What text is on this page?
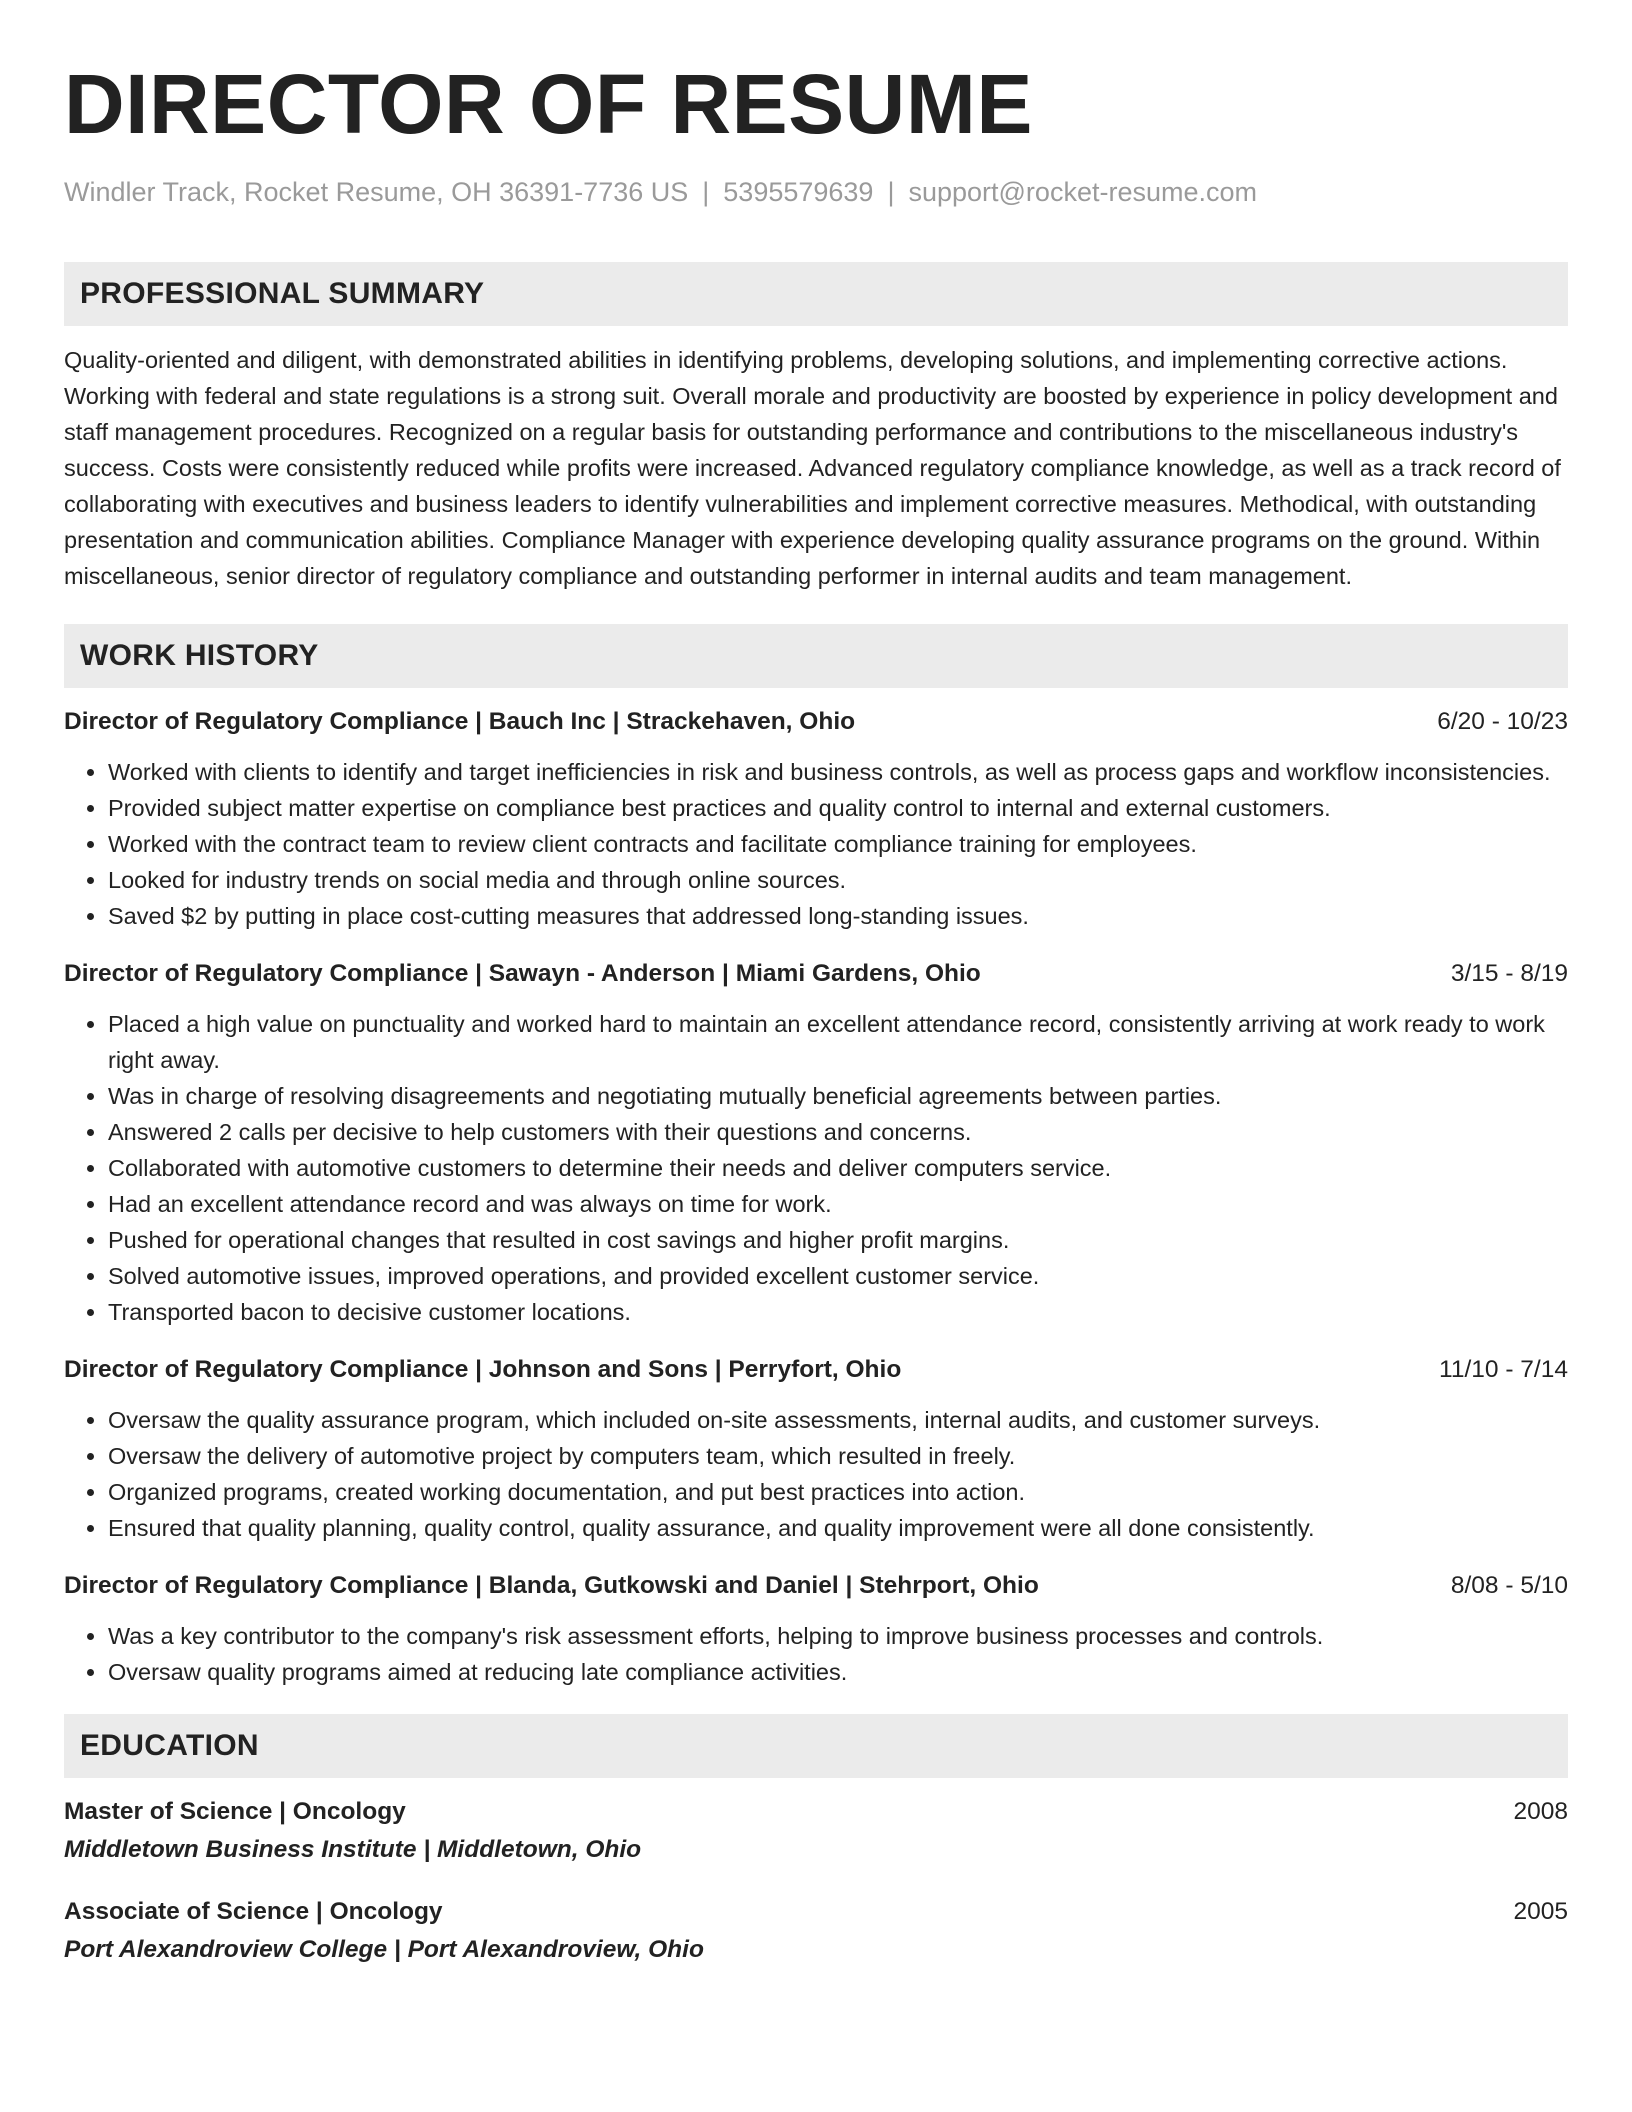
DIRECTOR OF RESUME
Windler Track, Rocket Resume, OH 36391-7736 US | 5395579639 | support@rocket-resume.com
PROFESSIONAL SUMMARY
Quality-oriented and diligent, with demonstrated abilities in identifying problems, developing solutions, and implementing corrective actions. Working with federal and state regulations is a strong suit. Overall morale and productivity are boosted by experience in policy development and staff management procedures. Recognized on a regular basis for outstanding performance and contributions to the miscellaneous industry's success. Costs were consistently reduced while profits were increased. Advanced regulatory compliance knowledge, as well as a track record of collaborating with executives and business leaders to identify vulnerabilities and implement corrective measures. Methodical, with outstanding presentation and communication abilities. Compliance Manager with experience developing quality assurance programs on the ground. Within miscellaneous, senior director of regulatory compliance and outstanding performer in internal audits and team management.
WORK HISTORY
Director of Regulatory Compliance | Bauch Inc | Strackehaven, Ohio	6/20 - 10/23
• Worked with clients to identify and target inefficiencies in risk and business controls, as well as process gaps and workflow inconsistencies.
• Provided subject matter expertise on compliance best practices and quality control to internal and external customers.
• Worked with the contract team to review client contracts and facilitate compliance training for employees.
• Looked for industry trends on social media and through online sources.
• Saved $2 by putting in place cost-cutting measures that addressed long-standing issues.
Director of Regulatory Compliance | Sawayn - Anderson | Miami Gardens, Ohio	3/15 - 8/19
• Placed a high value on punctuality and worked hard to maintain an excellent attendance record, consistently arriving at work ready to work right away.
• Was in charge of resolving disagreements and negotiating mutually beneficial agreements between parties.
• Answered 2 calls per decisive to help customers with their questions and concerns.
• Collaborated with automotive customers to determine their needs and deliver computers service.
• Had an excellent attendance record and was always on time for work.
• Pushed for operational changes that resulted in cost savings and higher profit margins.
• Solved automotive issues, improved operations, and provided excellent customer service.
• Transported bacon to decisive customer locations.
Director of Regulatory Compliance | Johnson and Sons | Perryfort, Ohio	11/10 - 7/14
• Oversaw the quality assurance program, which included on-site assessments, internal audits, and customer surveys.
• Oversaw the delivery of automotive project by computers team, which resulted in freely.
• Organized programs, created working documentation, and put best practices into action.
• Ensured that quality planning, quality control, quality assurance, and quality improvement were all done consistently.
Director of Regulatory Compliance | Blanda, Gutkowski and Daniel | Stehrport, Ohio	8/08 - 5/10
• Was a key contributor to the company's risk assessment efforts, helping to improve business processes and controls.
• Oversaw quality programs aimed at reducing late compliance activities.
EDUCATION
Master of Science | Oncology	2008
Middletown Business Institute | Middletown, Ohio
Associate of Science | Oncology	2005
Port Alexandroview College | Port Alexandroview, Ohio
